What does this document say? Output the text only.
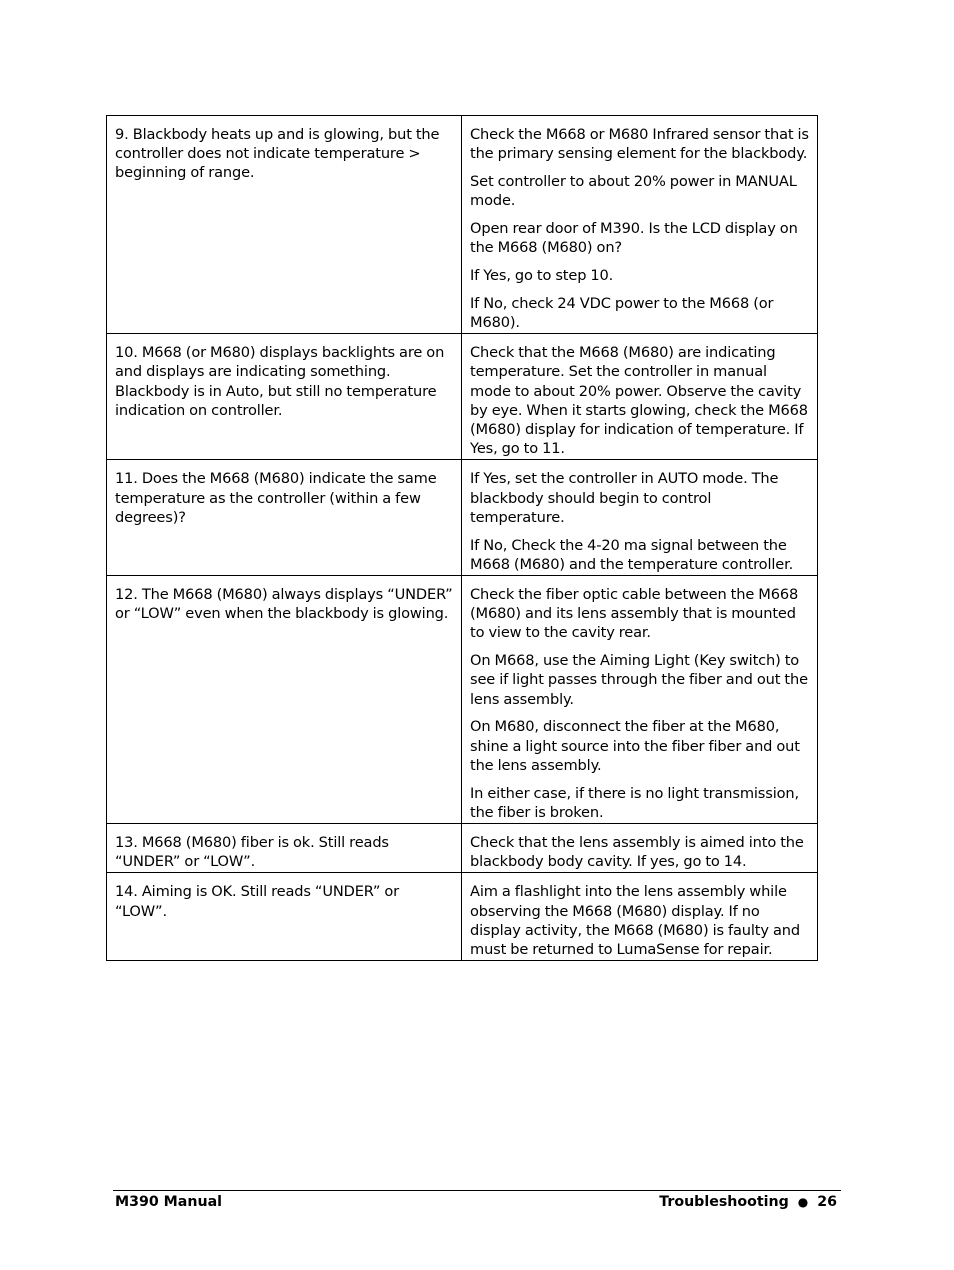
9. Blackbody heats up and is glowing, but the controller does not indicate temperature > beginning of range.	Check the M668 or M680 Infrared sensor that is the primary sensing element for the blackbody.

Set controller to about 20% power in MANUAL mode.

Open rear door of M390. Is the LCD display on the M668 (M680) on?

If Yes, go to step 10.

If No, check 24 VDC power to the M668 (or M680).

10. M668 (or M680) displays backlights are on and displays are indicating something. Blackbody is in Auto, but still no temperature indication on controller.	Check that the M668 (M680) are indicating temperature. Set the controller in manual mode to about 20% power. Observe the cavity by eye. When it starts glowing, check the M668 (M680) display for indication of temperature. If Yes, go to 11.

11. Does the M668 (M680) indicate the same temperature as the controller (within a few degrees)?	If Yes, set the controller in AUTO mode. The blackbody should begin to control temperature.

If No, Check the 4-20 ma signal between the M668 (M680) and the temperature controller.

12. The M668 (M680) always displays “UNDER” or “LOW” even when the blackbody is glowing.	Check the fiber optic cable between the M668 (M680) and its lens assembly that is mounted to view to the cavity rear.

On M668, use the Aiming Light (Key switch) to see if light passes through the fiber and out the lens assembly.

On M680, disconnect the fiber at the M680, shine a light source into the fiber fiber and out the lens assembly.

In either case, if there is no light transmission, the fiber is broken.

13. M668 (M680) fiber is ok. Still reads “UNDER” or “LOW”.	Check that the lens assembly is aimed into the blackbody body cavity. If yes, go to 14.

14. Aiming is OK. Still reads “UNDER” or “LOW”.	Aim a flashlight into the lens assembly while observing the M668 (M680) display. If no display activity, the M668 (M680) is faulty and must be returned to LumaSense for repair.

M390 Manual	Troubleshooting ● 26
